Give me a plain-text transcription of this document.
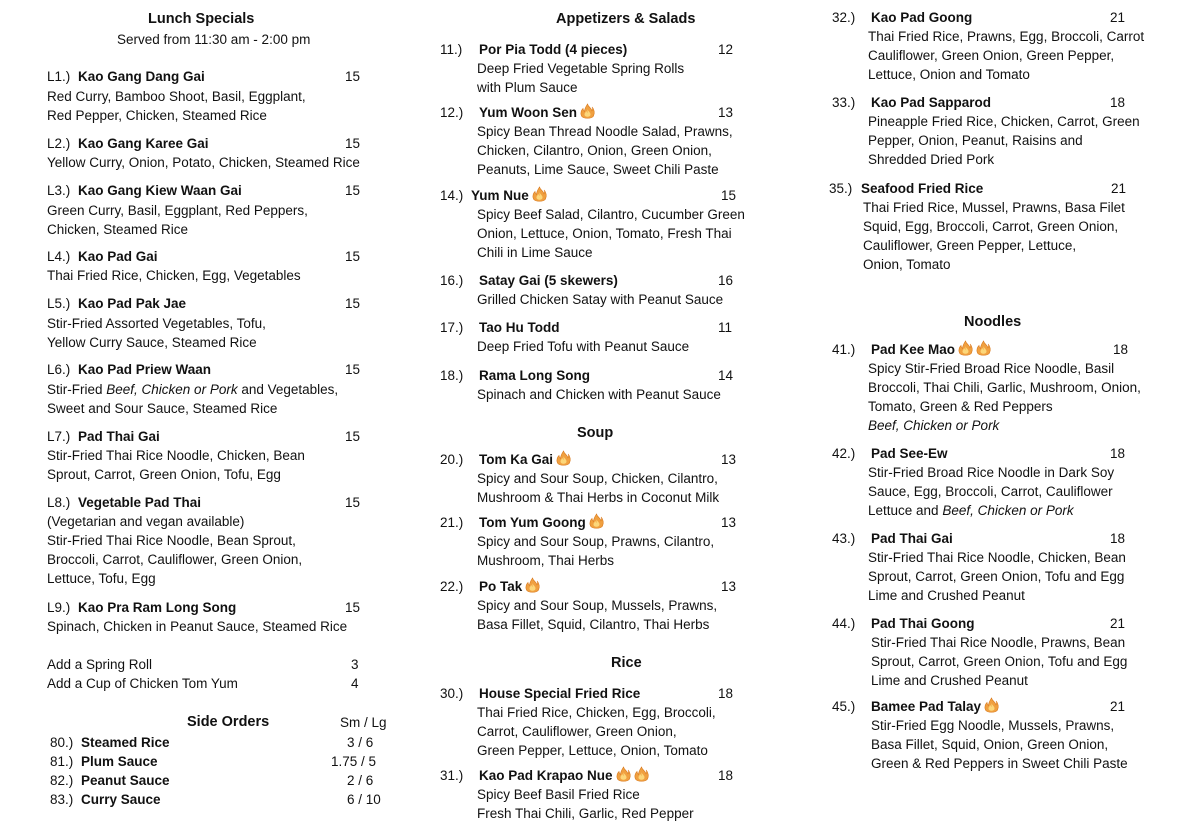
Lunch Specials
Served from 11:30 am - 2:00 pm
L1.) Kao Gang Dang Gai	15
Red Curry, Bamboo Shoot, Basil, Eggplant,
Red Pepper, Chicken, Steamed Rice
L2.) Kao Gang Karee Gai	15
Yellow Curry, Onion, Potato, Chicken, Steamed Rice
L3.) Kao Gang Kiew Waan Gai	15
Green Curry, Basil, Eggplant, Red Peppers,
Chicken, Steamed Rice
L4.) Kao Pad Gai	15
Thai Fried Rice, Chicken, Egg, Vegetables
L5.) Kao Pad Pak Jae	15
Stir-Fried Assorted Vegetables, Tofu,
Yellow Curry Sauce, Steamed Rice
L6.) Kao Pad Priew Waan	15
Stir-Fried Beef, Chicken or Pork and Vegetables,
Sweet and Sour Sauce, Steamed Rice
L7.) Pad Thai Gai	15
Stir-Fried Thai Rice Noodle, Chicken, Bean
Sprout, Carrot, Green Onion, Tofu, Egg
L8.) Vegetable Pad Thai	15
(Vegetarian and vegan available)
Stir-Fried Thai Rice Noodle, Bean Sprout,
Broccoli, Carrot, Cauliflower, Green Onion,
Lettuce, Tofu, Egg
L9.) Kao Pra Ram Long Song	15
Spinach, Chicken in Peanut Sauce, Steamed Rice
Add a Spring Roll	3
Add a Cup of Chicken Tom Yum	4
Side Orders	Sm / Lg
80.) Steamed Rice	3 / 6
81.) Plum Sauce	1.75 / 5
82.) Peanut Sauce	2 / 6
83.) Curry Sauce	6 / 10
Appetizers & Salads
11.) Por Pia Todd (4 pieces)	12
Deep Fried Vegetable Spring Rolls
with Plum Sauce
12.) Yum Woon Sen	13
Spicy Bean Thread Noodle Salad, Prawns,
Chicken, Cilantro, Onion, Green Onion,
Peanuts, Lime Sauce, Sweet Chili Paste
14.) Yum Nue	15
Spicy Beef Salad, Cilantro, Cucumber Green
Onion, Lettuce, Onion, Tomato, Fresh Thai
Chili in Lime Sauce
16.) Satay Gai (5 skewers)	16
Grilled Chicken Satay with Peanut Sauce
17.) Tao Hu Todd	11
Deep Fried Tofu with Peanut Sauce
18.) Rama Long Song	14
Spinach and Chicken with Peanut Sauce
Soup
20.) Tom Ka Gai	13
Spicy and Sour Soup, Chicken, Cilantro,
Mushroom & Thai Herbs in Coconut Milk
21.) Tom Yum Goong	13
Spicy and Sour Soup, Prawns, Cilantro,
Mushroom, Thai Herbs
22.) Po Tak	13
Spicy and Sour Soup, Mussels, Prawns,
Basa Fillet, Squid, Cilantro, Thai Herbs
Rice
30.) House Special Fried Rice	18
Thai Fried Rice, Chicken, Egg, Broccoli,
Carrot, Cauliflower, Green Onion,
Green Pepper, Lettuce, Onion, Tomato
31.) Kao Pad Krapao Nue	18
Spicy Beef Basil Fried Rice
Fresh Thai Chili, Garlic, Red Pepper
32.) Kao Pad Goong	21
Thai Fried Rice, Prawns, Egg, Broccoli, Carrot
Cauliflower, Green Onion, Green Pepper,
Lettuce, Onion and Tomato
33.) Kao Pad Sapparod	18
Pineapple Fried Rice, Chicken, Carrot, Green
Pepper, Onion, Peanut, Raisins and
Shredded Dried Pork
35.) Seafood Fried Rice	21
Thai Fried Rice, Mussel, Prawns, Basa Filet
Squid, Egg, Broccoli, Carrot, Green Onion,
Cauliflower, Green Pepper, Lettuce,
Onion, Tomato
Noodles
41.) Pad Kee Mao	18
Spicy Stir-Fried Broad Rice Noodle, Basil
Broccoli, Thai Chili, Garlic, Mushroom, Onion,
Tomato, Green & Red Peppers
Beef, Chicken or Pork
42.) Pad See-Ew	18
Stir-Fried Broad Rice Noodle in Dark Soy
Sauce, Egg, Broccoli, Carrot, Cauliflower
Lettuce and Beef, Chicken or Pork
43.) Pad Thai Gai	18
Stir-Fried Thai Rice Noodle, Chicken, Bean
Sprout, Carrot, Green Onion, Tofu and Egg
Lime and Crushed Peanut
44.) Pad Thai Goong	21
Stir-Fried Thai Rice Noodle, Prawns, Bean
Sprout, Carrot, Green Onion, Tofu and Egg
Lime and Crushed Peanut
45.) Bamee Pad Talay	21
Stir-Fried Egg Noodle, Mussels, Prawns,
Basa Fillet, Squid, Onion, Green Onion,
Green & Red Peppers in Sweet Chili Paste
